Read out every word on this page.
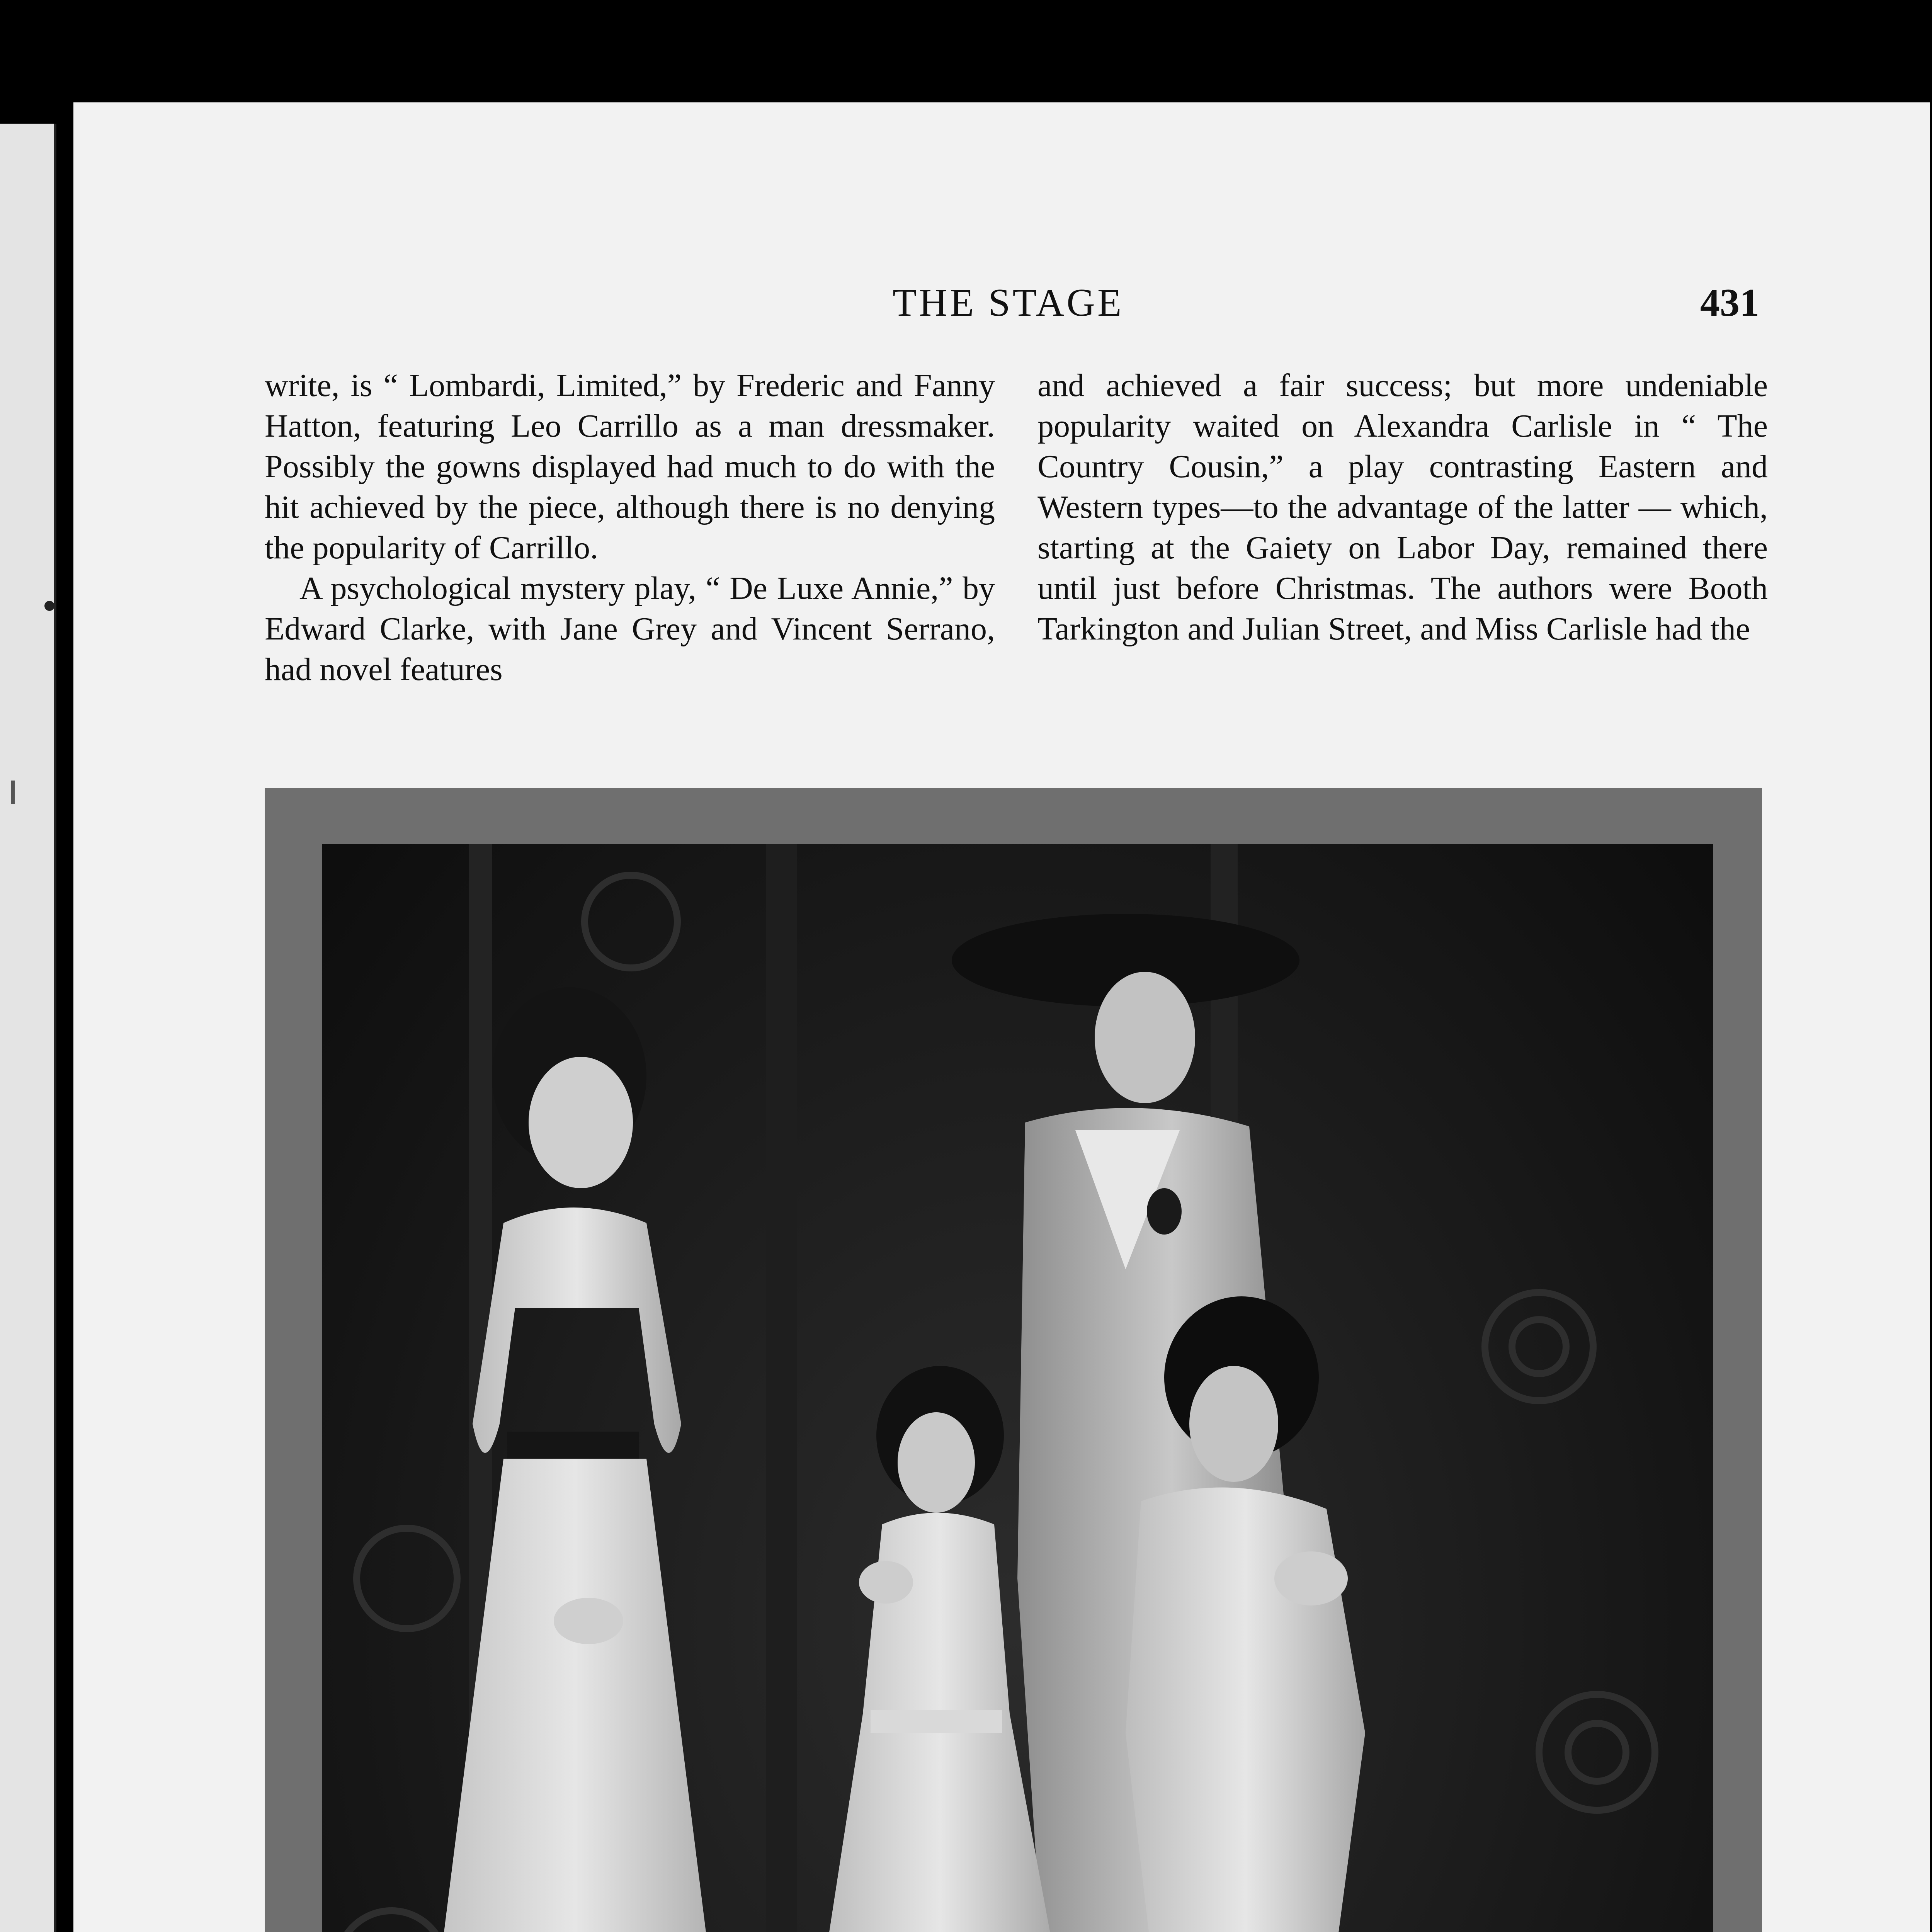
THE STAGE	431

write, is “ Lombardi, Limited,” by Frederic and Fanny Hatton, featuring Leo Carrillo as a man dressmaker. Possibly the gowns displayed had much to do with the hit achieved by the piece, although there is no denying the popularity of Carrillo.

A psychological mystery play, “ De Luxe Annie,” by Edward Clarke, with Jane Grey and Vincent Serrano, had novel features

and achieved a fair success; but more undeniable popularity waited on Alexandra Carlisle in “ The Country Cousin,” a play contrasting Eastern and Western types—to the advantage of the latter — which, starting at the Gaiety on Labor Day, remained there until just before Christmas. The authors were Booth Tarkington and Julian Street, and Miss Carlisle had the
